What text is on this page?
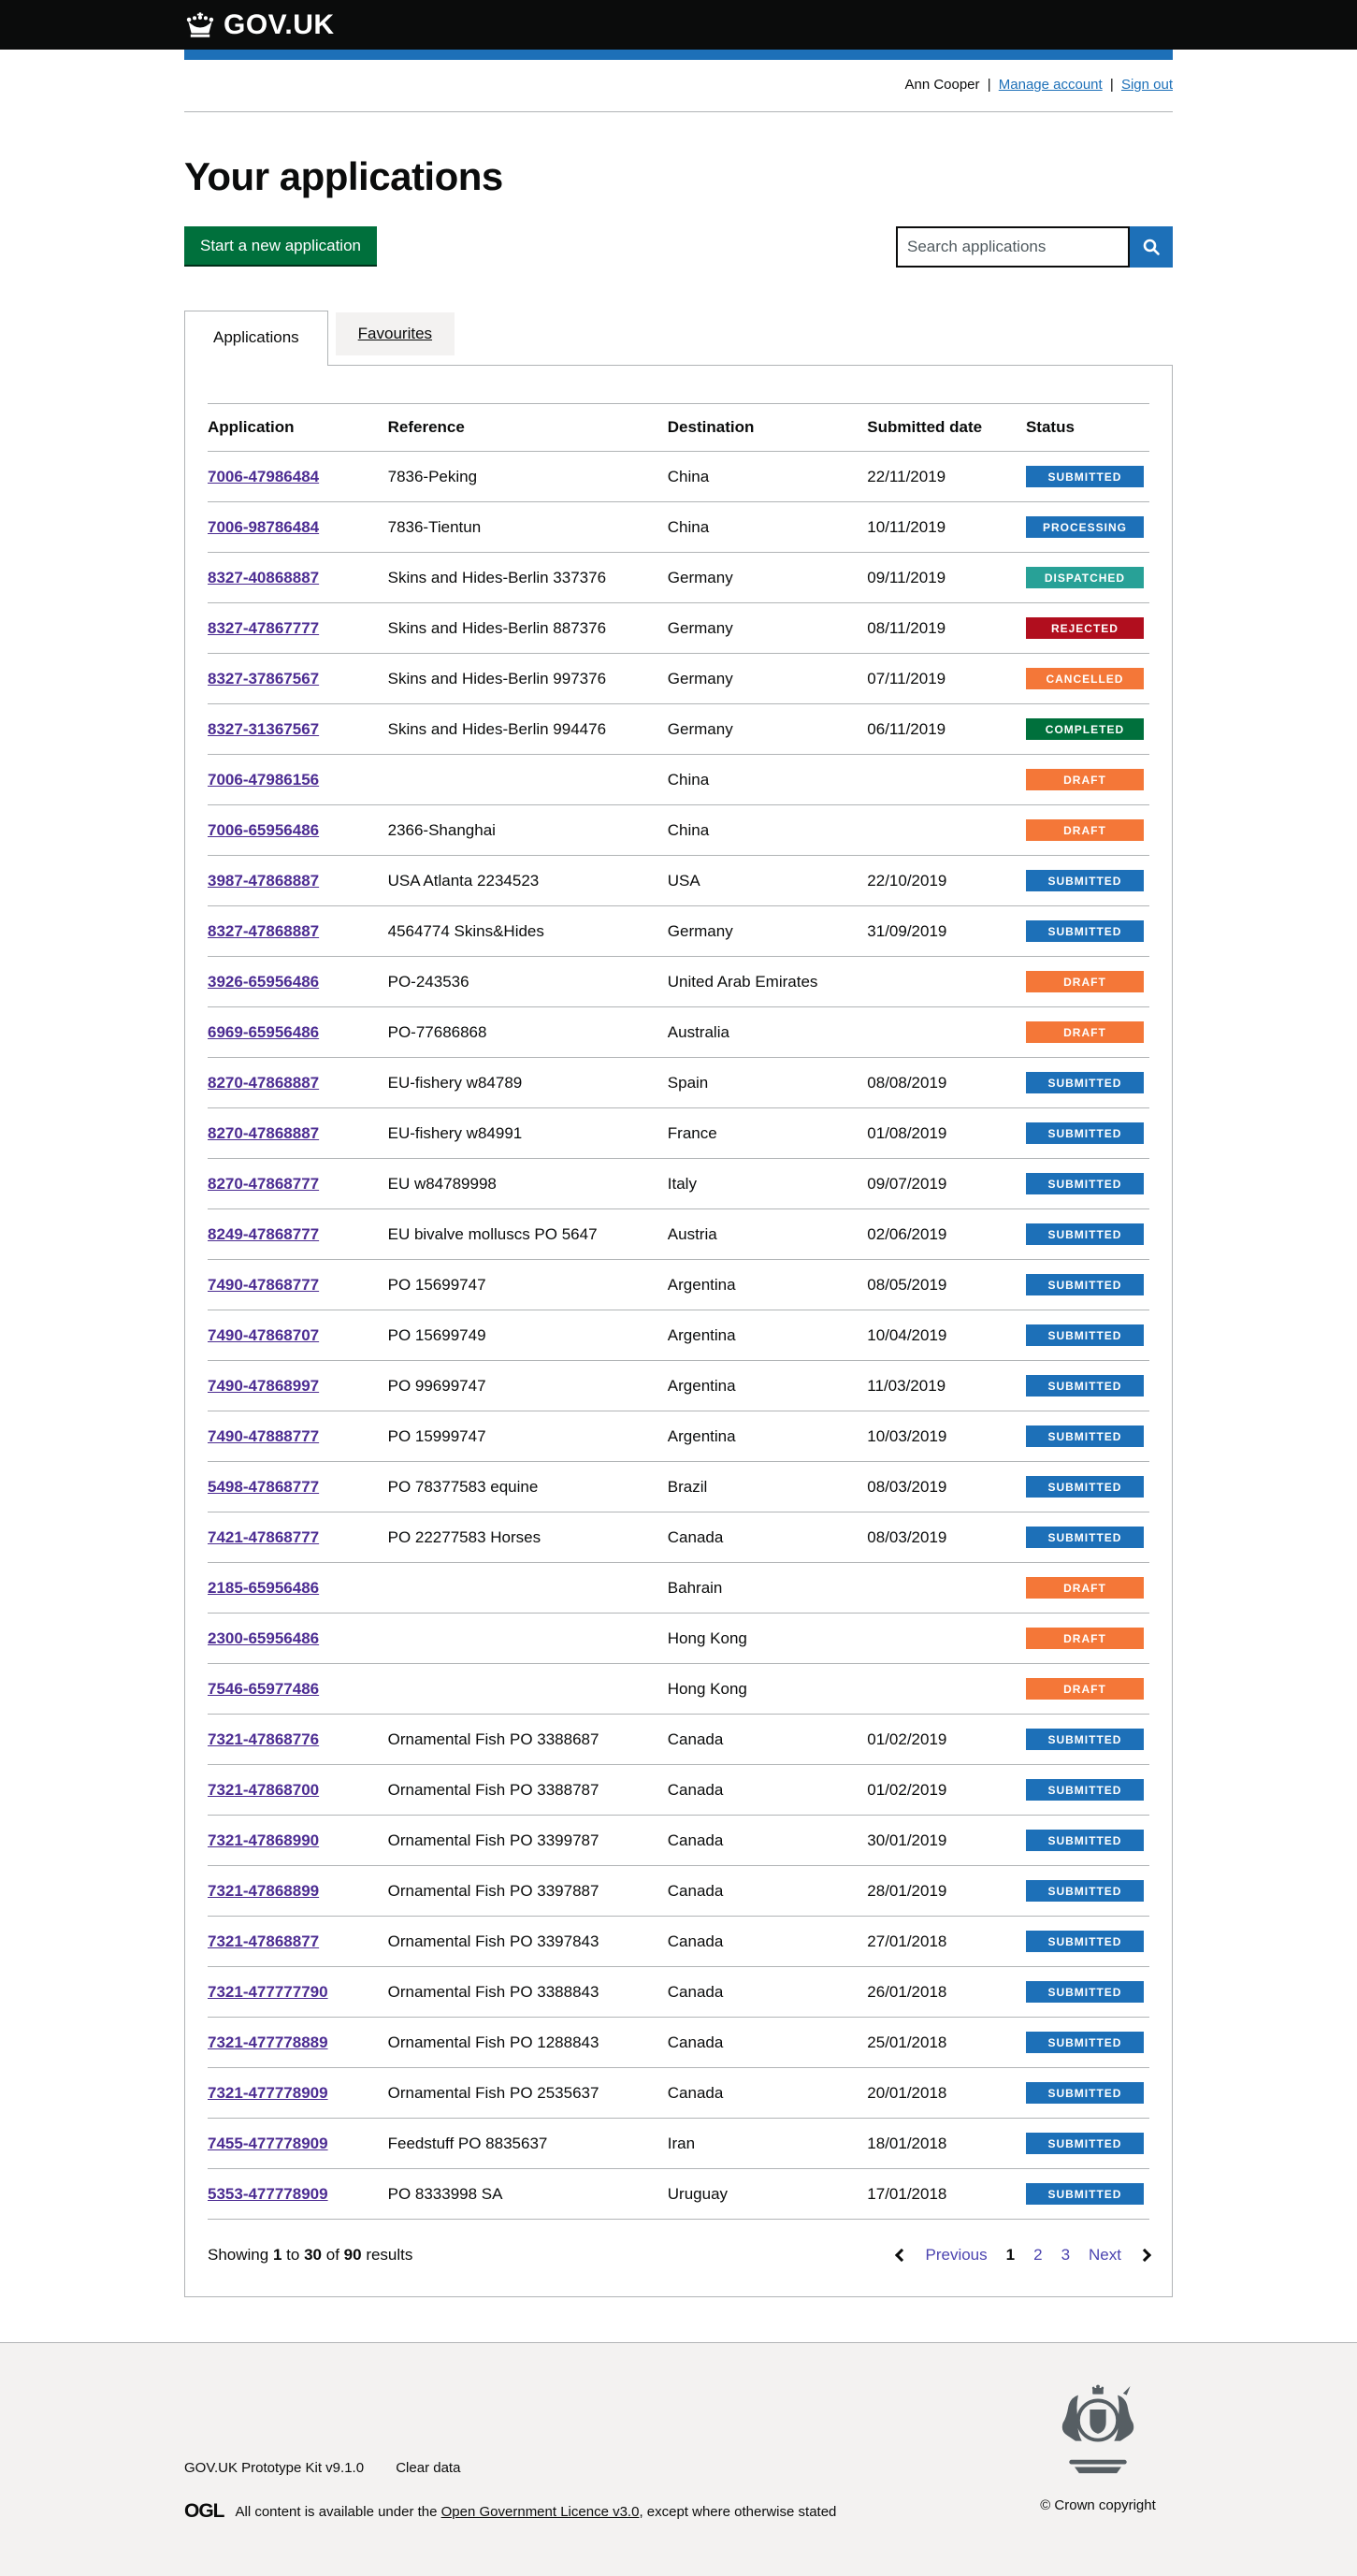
GOV.UK
Ann Cooper | Manage account | Sign out
Your applications
Start a new application
Search applications
Applications	Favourites
Application	Reference	Destination	Submitted date	Status
7006-47986484	7836-Peking	China	22/11/2019	SUBMITTED

7006-98786484	7836-Tientun	China	10/11/2019	PROCESSING

8327-40868887	Skins and Hides-Berlin 337376	Germany	09/11/2019	DISPATCHED

8327-47867777	Skins and Hides-Berlin 887376	Germany	08/11/2019	REJECTED

8327-37867567	Skins and Hides-Berlin 997376	Germany	07/11/2019	CANCELLED

8327-31367567	Skins and Hides-Berlin 994476	Germany	06/11/2019	COMPLETED

7006-47986156		China		DRAFT

7006-65956486	2366-Shanghai	China		DRAFT

3987-47868887	USA Atlanta 2234523	USA	22/10/2019	SUBMITTED

8327-47868887	4564774 Skins&Hides	Germany	31/09/2019	SUBMITTED

3926-65956486	PO-243536	United Arab Emirates		DRAFT

6969-65956486	PO-77686868	Australia		DRAFT

8270-47868887	EU-fishery w84789	Spain	08/08/2019	SUBMITTED

8270-47868887	EU-fishery w84991	France	01/08/2019	SUBMITTED

8270-47868777	EU w84789998	Italy	09/07/2019	SUBMITTED

8249-47868777	EU bivalve molluscs PO 5647	Austria	02/06/2019	SUBMITTED

7490-47868777	PO 15699747	Argentina	08/05/2019	SUBMITTED

7490-47868707	PO 15699749	Argentina	10/04/2019	SUBMITTED

7490-47868997	PO 99699747	Argentina	11/03/2019	SUBMITTED

7490-47888777	PO 15999747	Argentina	10/03/2019	SUBMITTED

5498-47868777	PO 78377583 equine	Brazil	08/03/2019	SUBMITTED

7421-47868777	PO 22277583 Horses	Canada	08/03/2019	SUBMITTED

2185-65956486		Bahrain		DRAFT

2300-65956486		Hong Kong		DRAFT

7546-65977486		Hong Kong		DRAFT

7321-47868776	Ornamental Fish PO 3388687	Canada	01/02/2019	SUBMITTED

7321-47868700	Ornamental Fish PO 3388787	Canada	01/02/2019	SUBMITTED

7321-47868990	Ornamental Fish PO 3399787	Canada	30/01/2019	SUBMITTED

7321-47868899	Ornamental Fish PO 3397887	Canada	28/01/2019	SUBMITTED

7321-47868877	Ornamental Fish PO 3397843	Canada	27/01/2018	SUBMITTED

7321-477777790	Ornamental Fish PO 3388843	Canada	26/01/2018	SUBMITTED

7321-477778889	Ornamental Fish PO 1288843	Canada	25/01/2018	SUBMITTED

7321-477778909	Ornamental Fish PO 2535637	Canada	20/01/2018	SUBMITTED

7455-477778909	Feedstuff PO 8835637	Iran	18/01/2018	SUBMITTED

5353-477778909	PO 8333998 SA	Uruguay	17/01/2018	SUBMITTED
Showing 1 to 30 of 90 results	Previous 1 2 3 Next
GOV.UK Prototype Kit v9.1.0 Clear data
OGL All content is available under the Open Government Licence v3.0, except where otherwise stated	© Crown copyright
